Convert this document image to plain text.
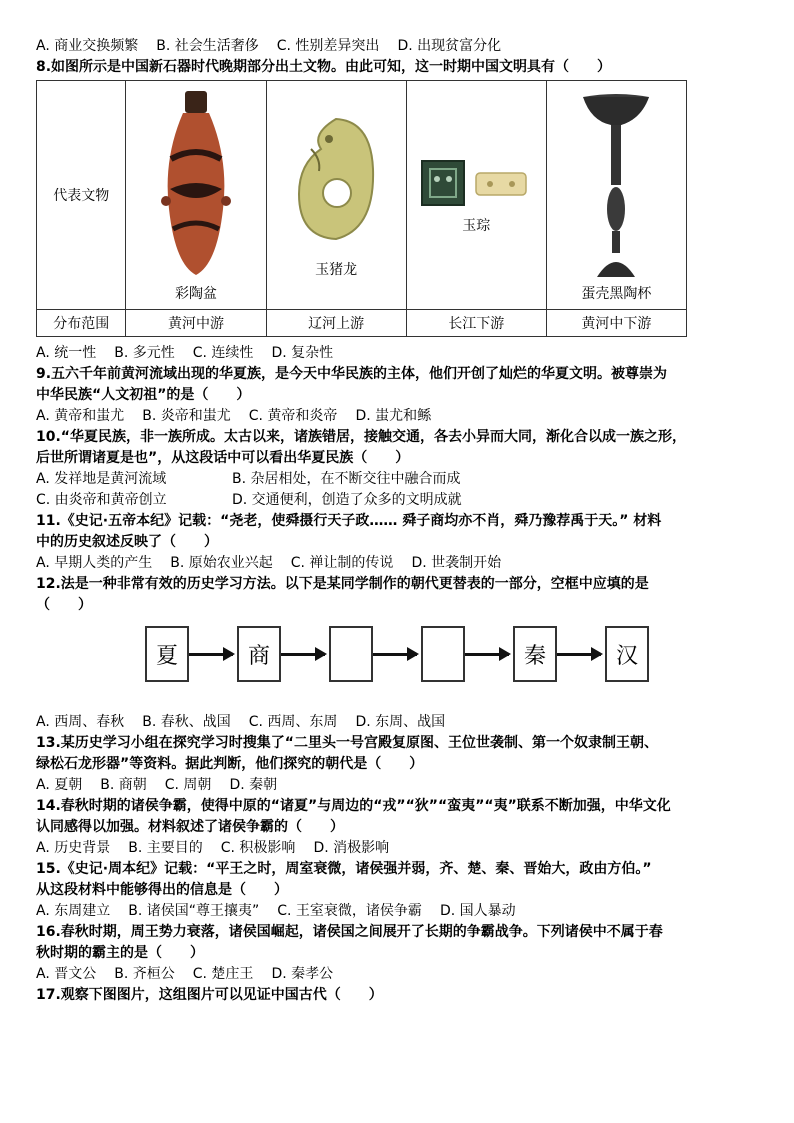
A. 商业交换频繁 B. 社会生活奢侈 C. 性别差异突出 D. 出现贫富分化
8.如图所示是中国新石器时代晚期部分出土文物。由此可知，这一时期中国文明具有（　　）
代表文物	彩陶盆	玉猪龙	玉琮	蛋壳黑陶杯

分布范围	黄河中游	辽河上游	长江下游	黄河中下游
A. 统一性 B. 多元性 C. 连续性 D. 复杂性
9.五六千年前黄河流域出现的华夏族，是今天中华民族的主体，他们开创了灿烂的华夏文明。被尊崇为
中华民族“人文初祖”的是（　　）
A. 黄帝和蚩尤 B. 炎帝和蚩尤 C. 黄帝和炎帝 D. 蚩尤和鲧
10.“华夏民族，非一族所成。太古以来，诸族错居，接触交通，各去小异而大同，渐化合以成一族之形，
后世所谓诸夏是也”，从这段话中可以看出华夏民族（　　）
A. 发祥地是黄河流域	B. 杂居相处，在不断交往中融合而成
C. 由炎帝和黄帝创立	D. 交通便利，创造了众多的文明成就
11.《史记·五帝本纪》记载：“尧老，使舜摄行天子政…… 舜子商均亦不肖，舜乃豫荐禹于天。” 材料
中的历史叙述反映了（　　）
A. 早期人类的产生 B. 原始农业兴起 C. 禅让制的传说 D. 世袭制开始
12.法是一种非常有效的历史学习方法。以下是某同学制作的朝代更替表的一部分，空框中应填的是
（　　）
夏	商	秦	汉
A. 西周、春秋 B. 春秋、战国 C. 西周、东周 D. 东周、战国
13.某历史学习小组在探究学习时搜集了“二里头一号宫殿复原图、王位世袭制、第一个奴隶制王朝、
绿松石龙形器”等资料。据此判断，他们探究的朝代是（　　）
A. 夏朝 B. 商朝 C. 周朝 D. 秦朝
14.春秋时期的诸侯争霸，使得中原的“诸夏”与周边的“戎”“狄”“蛮夷”“夷”联系不断加强，中华文化
认同感得以加强。材料叙述了诸侯争霸的（　　）
A. 历史背景 B. 主要目的 C. 积极影响 D. 消极影响
15.《史记·周本纪》记载：“平王之时，周室衰微，诸侯强并弱，齐、楚、秦、晋始大，政由方伯。”
从这段材料中能够得出的信息是（　　）
A. 东周建立 B. 诸侯国“尊王攘夷” C. 王室衰微，诸侯争霸 D. 国人暴动
16.春秋时期，周王势力衰落，诸侯国崛起，诸侯国之间展开了长期的争霸战争。下列诸侯中不属于春
秋时期的霸主的是（　　）
A. 晋文公 B. 齐桓公 C. 楚庄王 D. 秦孝公
17.观察下图图片，这组图片可以见证中国古代（　　）
